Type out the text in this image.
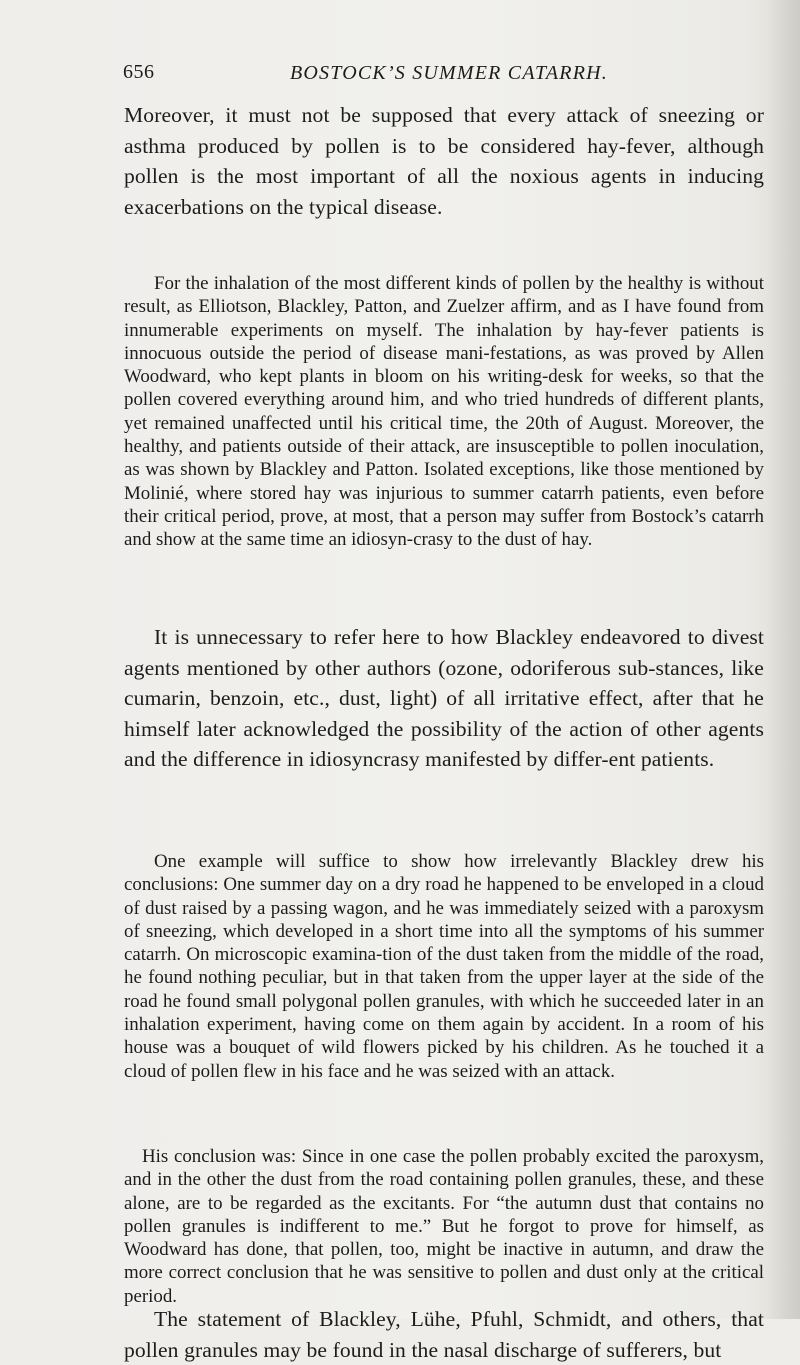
656	BOSTOCK’S SUMMER CATARRH.

Moreover, it must not be supposed that every attack of sneezing or asthma produced by pollen is to be considered hay-fever, although pollen is the most important of all the noxious agents in inducing exacerbations on the typical disease.

For the inhalation of the most different kinds of pollen by the healthy is without result, as Elliotson, Blackley, Patton, and Zuelzer affirm, and as I have found from innumerable experiments on myself. The inhalation by hay-fever patients is innocuous outside the period of disease mani-festations, as was proved by Allen Woodward, who kept plants in bloom on his writing-desk for weeks, so that the pollen covered everything around him, and who tried hundreds of different plants, yet remained unaffected until his critical time, the 20th of August. Moreover, the healthy, and patients outside of their attack, are insusceptible to pollen inoculation, as was shown by Blackley and Patton. Isolated exceptions, like those mentioned by Molinié, where stored hay was injurious to summer catarrh patients, even before their critical period, prove, at most, that a person may suffer from Bostock’s catarrh and show at the same time an idiosyn-crasy to the dust of hay.

It is unnecessary to refer here to how Blackley endeavored to divest agents mentioned by other authors (ozone, odoriferous sub-stances, like cumarin, benzoin, etc., dust, light) of all irritative effect, after that he himself later acknowledged the possibility of the action of other agents and the difference in idiosyncrasy manifested by differ-ent patients.

One example will suffice to show how irrelevantly Blackley drew his conclusions: One summer day on a dry road he happened to be enveloped in a cloud of dust raised by a passing wagon, and he was immediately seized with a paroxysm of sneezing, which developed in a short time into all the symptoms of his summer catarrh. On microscopic examina-tion of the dust taken from the middle of the road, he found nothing peculiar, but in that taken from the upper layer at the side of the road he found small polygonal pollen granules, with which he succeeded later in an inhalation experiment, having come on them again by accident. In a room of his house was a bouquet of wild flowers picked by his children. As he touched it a cloud of pollen flew in his face and he was seized with an attack.

His conclusion was: Since in one case the pollen probably excited the paroxysm, and in the other the dust from the road containing pollen granules, these, and these alone, are to be regarded as the excitants. For “the autumn dust that contains no pollen granules is indifferent to me.” But he forgot to prove for himself, as Woodward has done, that pollen, too, might be inactive in autumn, and draw the more correct conclusion that he was sensitive to pollen and dust only at the critical period.

The statement of Blackley, Lühe, Pfuhl, Schmidt, and others, that pollen granules may be found in the nasal discharge of sufferers, but
